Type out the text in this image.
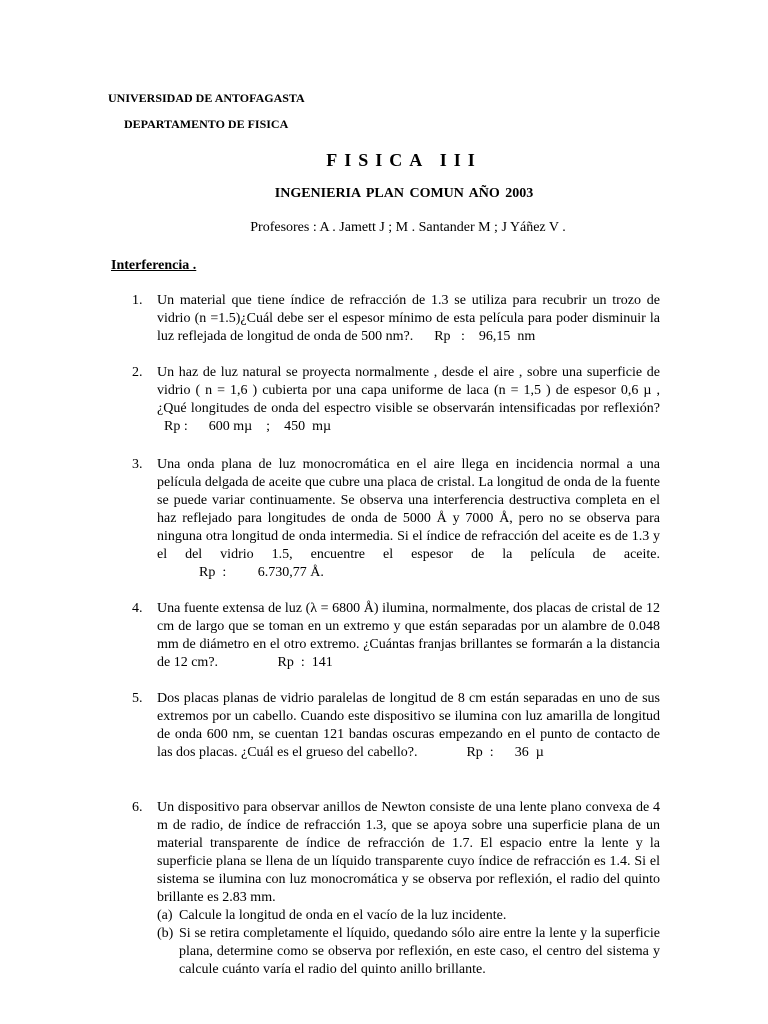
UNIVERSIDAD DE ANTOFAGASTA
DEPARTAMENTO DE FISICA
FISICA III
INGENIERIA PLAN COMUN AÑO 2003
Profesores : A . Jamett J ; M . Santander M ; J Yáñez V .
Interferencia .
1.	Un material que tiene índice de refracción de 1.3 se utiliza para recubrir un trozo de vidrio (n =1.5)¿Cuál debe ser el espesor mínimo de esta película para poder disminuir la luz reflejada de longitud de onda de 500 nm?.      Rp   :    96,15  nm
2.	Un haz de luz natural se proyecta normalmente , desde el aire , sobre una superficie de vidrio ( n = 1,6 ) cubierta por una capa uniforme de laca (n = 1,5 ) de espesor 0,6 µ , ¿Qué longitudes de onda del espectro visible se observarán intensificadas por reflexión?  Rp :      600 mµ    ;    450  mµ
3.	Una onda plana de luz monocromática en el aire llega en incidencia normal a una película delgada de aceite que cubre una placa de cristal. La longitud de onda de la fuente se puede variar continuamente. Se observa una interferencia destructiva completa en el haz reflejado para longitudes de onda de 5000 Å y 7000 Å, pero no se observa para ninguna otra longitud de onda intermedia. Si el índice de refracción del aceite es de 1.3 y el del vidrio 1.5, encuentre el espesor de la película de aceite.            Rp  :         6.730,77 Å.
4.	Una fuente extensa de luz (λ = 6800 Å) ilumina, normalmente, dos placas de cristal de 12 cm de largo que se toman en un extremo y que están separadas por un alambre de 0.048 mm de diámetro en el otro extremo. ¿Cuántas franjas brillantes se formarán a la distancia de 12 cm?.                 Rp  :  141
5.	Dos placas planas de vidrio paralelas de longitud de 8 cm están separadas en uno de sus extremos por un cabello. Cuando este dispositivo se ilumina con luz amarilla de longitud de onda 600 nm, se cuentan 121 bandas oscuras empezando en el punto de contacto de las dos placas. ¿Cuál es el grueso del cabello?.              Rp  :      36  µ
6.	Un dispositivo para observar anillos de Newton consiste de una lente plano convexa de 4 m de radio, de índice de refracción 1.3, que se apoya sobre una superficie plana de un material transparente de índice de refracción de 1.7. El espacio entre la lente y la superficie plana se llena de un líquido transparente cuyo índice de refracción es 1.4. Si el sistema se ilumina con luz monocromática y se observa por reflexión, el radio del quinto brillante es 2.83 mm.
(a) Calcule la longitud de onda en el vacío de la luz incidente.
(b) Si se retira completamente el líquido, quedando sólo aire entre la lente y la superficie plana, determine como se observa por reflexión, en este caso, el centro del sistema y calcule cuánto varía el radio del quinto anillo brillante.
